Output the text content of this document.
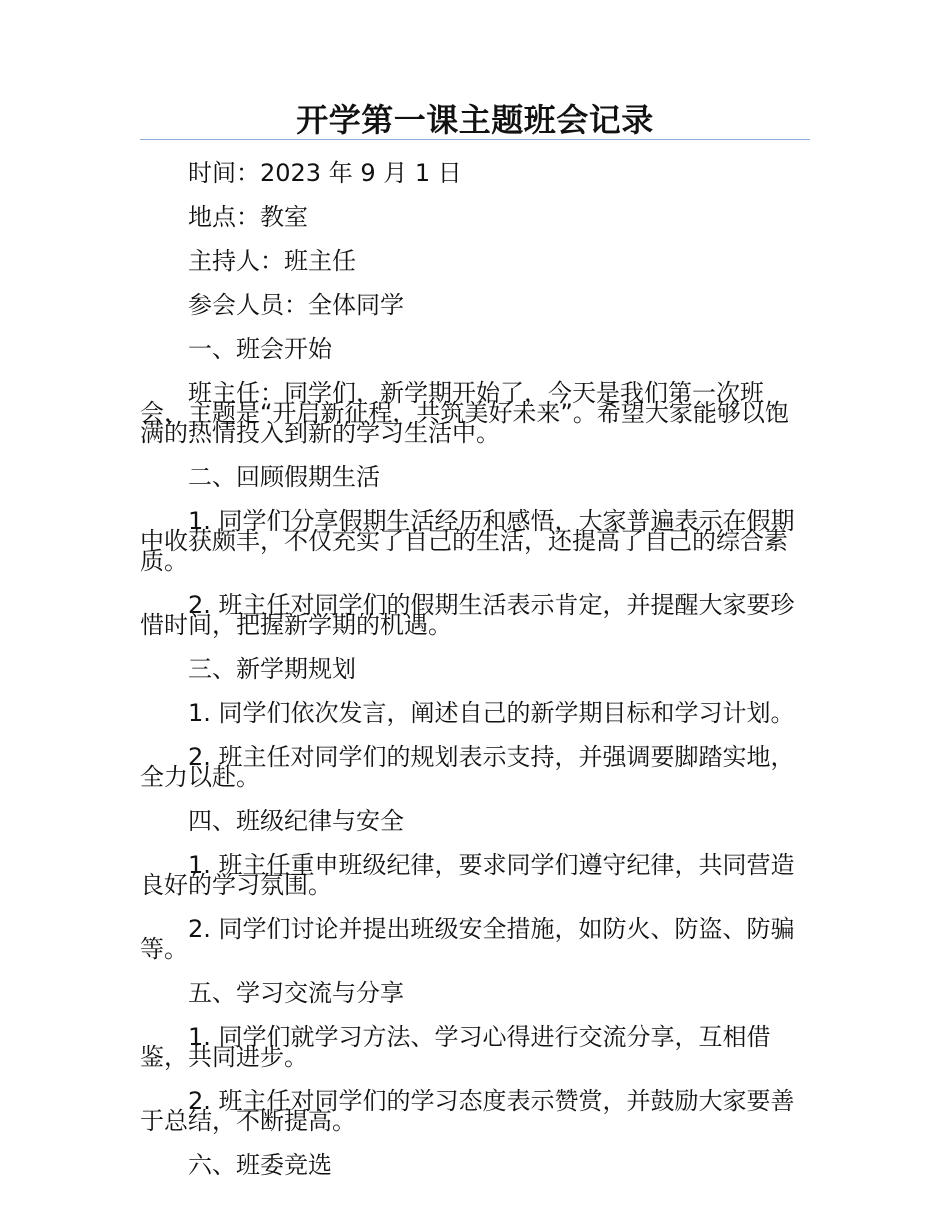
开学第一课主题班会记录

时间：2023 年 9 月 1 日

地点：教室

主持人：班主任

参会人员：全体同学

一、班会开始

班主任：同学们，新学期开始了，今天是我们第一次班会，主题是“开启新征程，共筑美好未来”。希望大家能够以饱满的热情投入到新的学习生活中。

二、回顾假期生活

1. 同学们分享假期生活经历和感悟，大家普遍表示在假期中收获颇丰，不仅充实了自己的生活，还提高了自己的综合素质。

2. 班主任对同学们的假期生活表示肯定，并提醒大家要珍惜时间，把握新学期的机遇。

三、新学期规划

1. 同学们依次发言，阐述自己的新学期目标和学习计划。

2. 班主任对同学们的规划表示支持，并强调要脚踏实地，全力以赴。

四、班级纪律与安全

1. 班主任重申班级纪律，要求同学们遵守纪律，共同营造良好的学习氛围。

2. 同学们讨论并提出班级安全措施，如防火、防盗、防骗等。

五、学习交流与分享

1. 同学们就学习方法、学习心得进行交流分享，互相借鉴，共同进步。

2. 班主任对同学们的学习态度表示赞赏，并鼓励大家要善于总结，不断提高。

六、班委竞选
